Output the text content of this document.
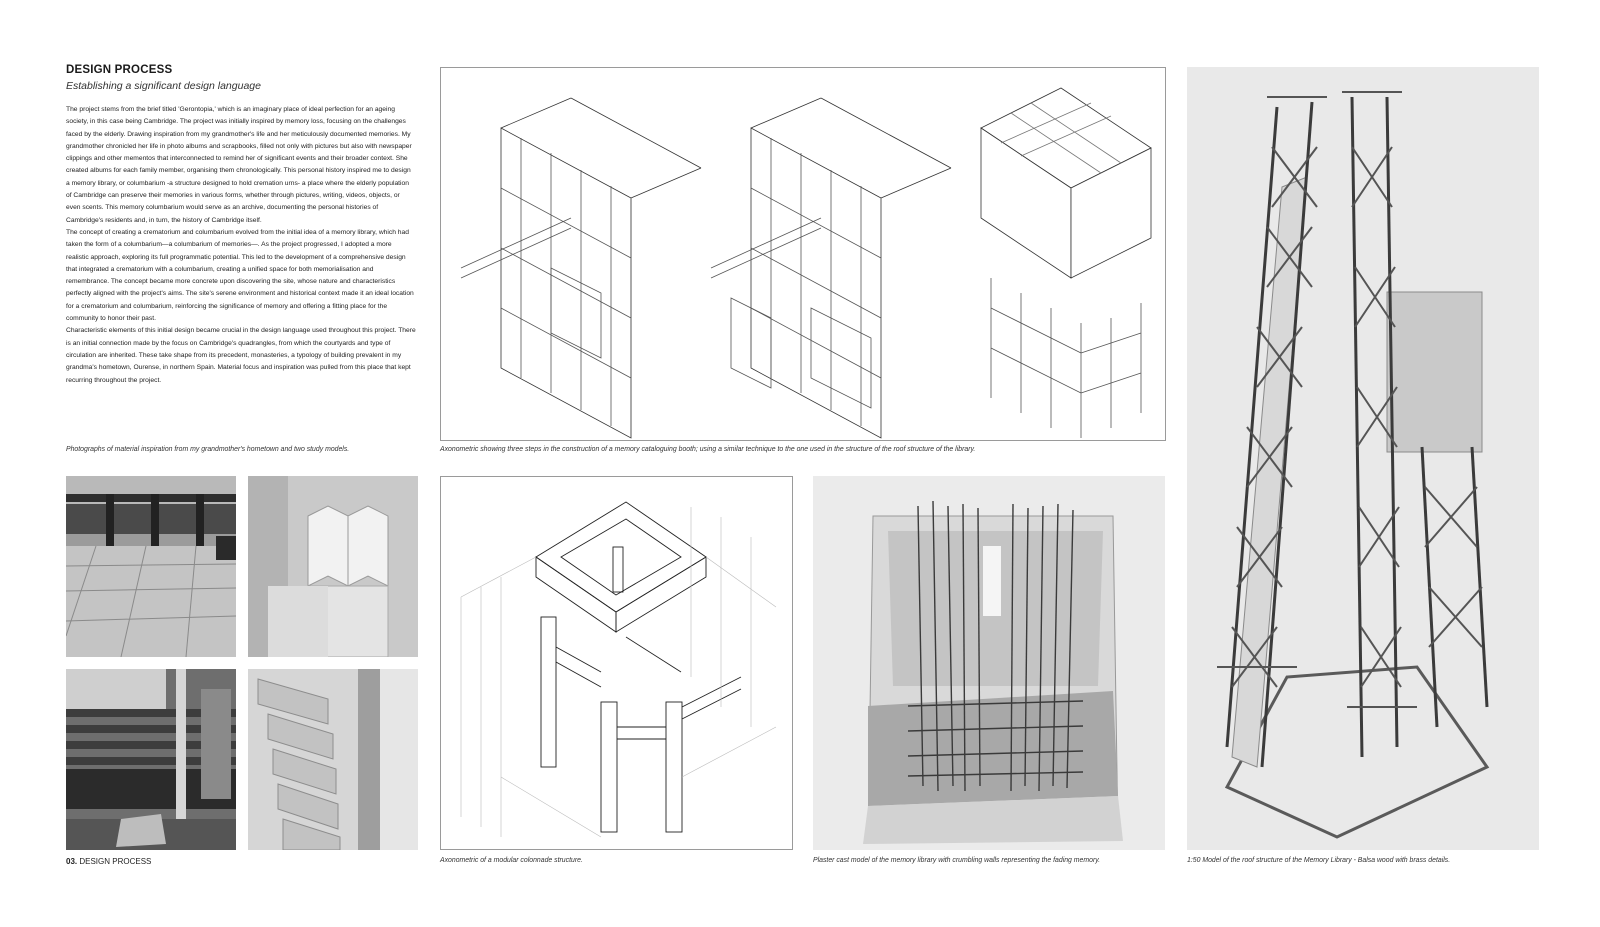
DESIGN PROCESS
Establishing a significant design language

The project stems from the brief titled 'Gerontopia,' which is an imaginary place of ideal perfection for an ageing society, in this case being Cambridge. The project was initially inspired by memory loss, focusing on the challenges faced by the elderly. Drawing inspiration from my grandmother's life and her meticulously documented memories. My grandmother chronicled her life in photo albums and scrapbooks, filled not only with pictures but also with newspaper clippings and other mementos that interconnected to remind her of significant events and their broader context. She created albums for each family member, organising them chronologically. This personal history inspired me to design a memory library, or columbarium -a structure designed to hold cremation urns- a place where the elderly population of Cambridge can preserve their memories in various forms, whether through pictures, writing, videos, objects, or even scents. This memory columbarium would serve as an archive, documenting the personal histories of Cambridge's residents and, in turn, the history of Cambridge itself.

The concept of creating a crematorium and columbarium evolved from the initial idea of a memory library, which had taken the form of a columbarium—a columbarium of memories—. As the project progressed, I adopted a more realistic approach, exploring its full programmatic potential. This led to the development of a comprehensive design that integrated a crematorium with a columbarium, creating a unified space for both memorialisation and remembrance. The concept became more concrete upon discovering the site, whose nature and characteristics perfectly aligned with the project's aims. The site's serene environment and historical context made it an ideal location for a crematorium and columbarium, reinforcing the significance of memory and offering a fitting place for the community to honor their past.

Characteristic elements of this initial design became crucial in the design language used throughout this project. There is an initial connection made by the focus on Cambridge's quadrangles, from which the courtyards and type of circulation are inherited. These take shape from its precedent, monasteries, a typology of building prevalent in my grandma's hometown, Ourense, in northern Spain. Material focus and inspiration was pulled from this place that kept recurring throughout the project.

Photographs of material inspiration from my grandmother's hometown and two study models.
03. DESIGN PROCESS
Axonometric showing three steps in the construction of a memory cataloguing booth; using a similar technique to the one used in the structure of the roof structure of the library.
Axonometric of a modular colonnade structure.	Plaster cast model of the memory library with crumbling walls representing the fading memory.	1:50 Model of the roof structure of the Memory Library - Balsa wood with brass details.
